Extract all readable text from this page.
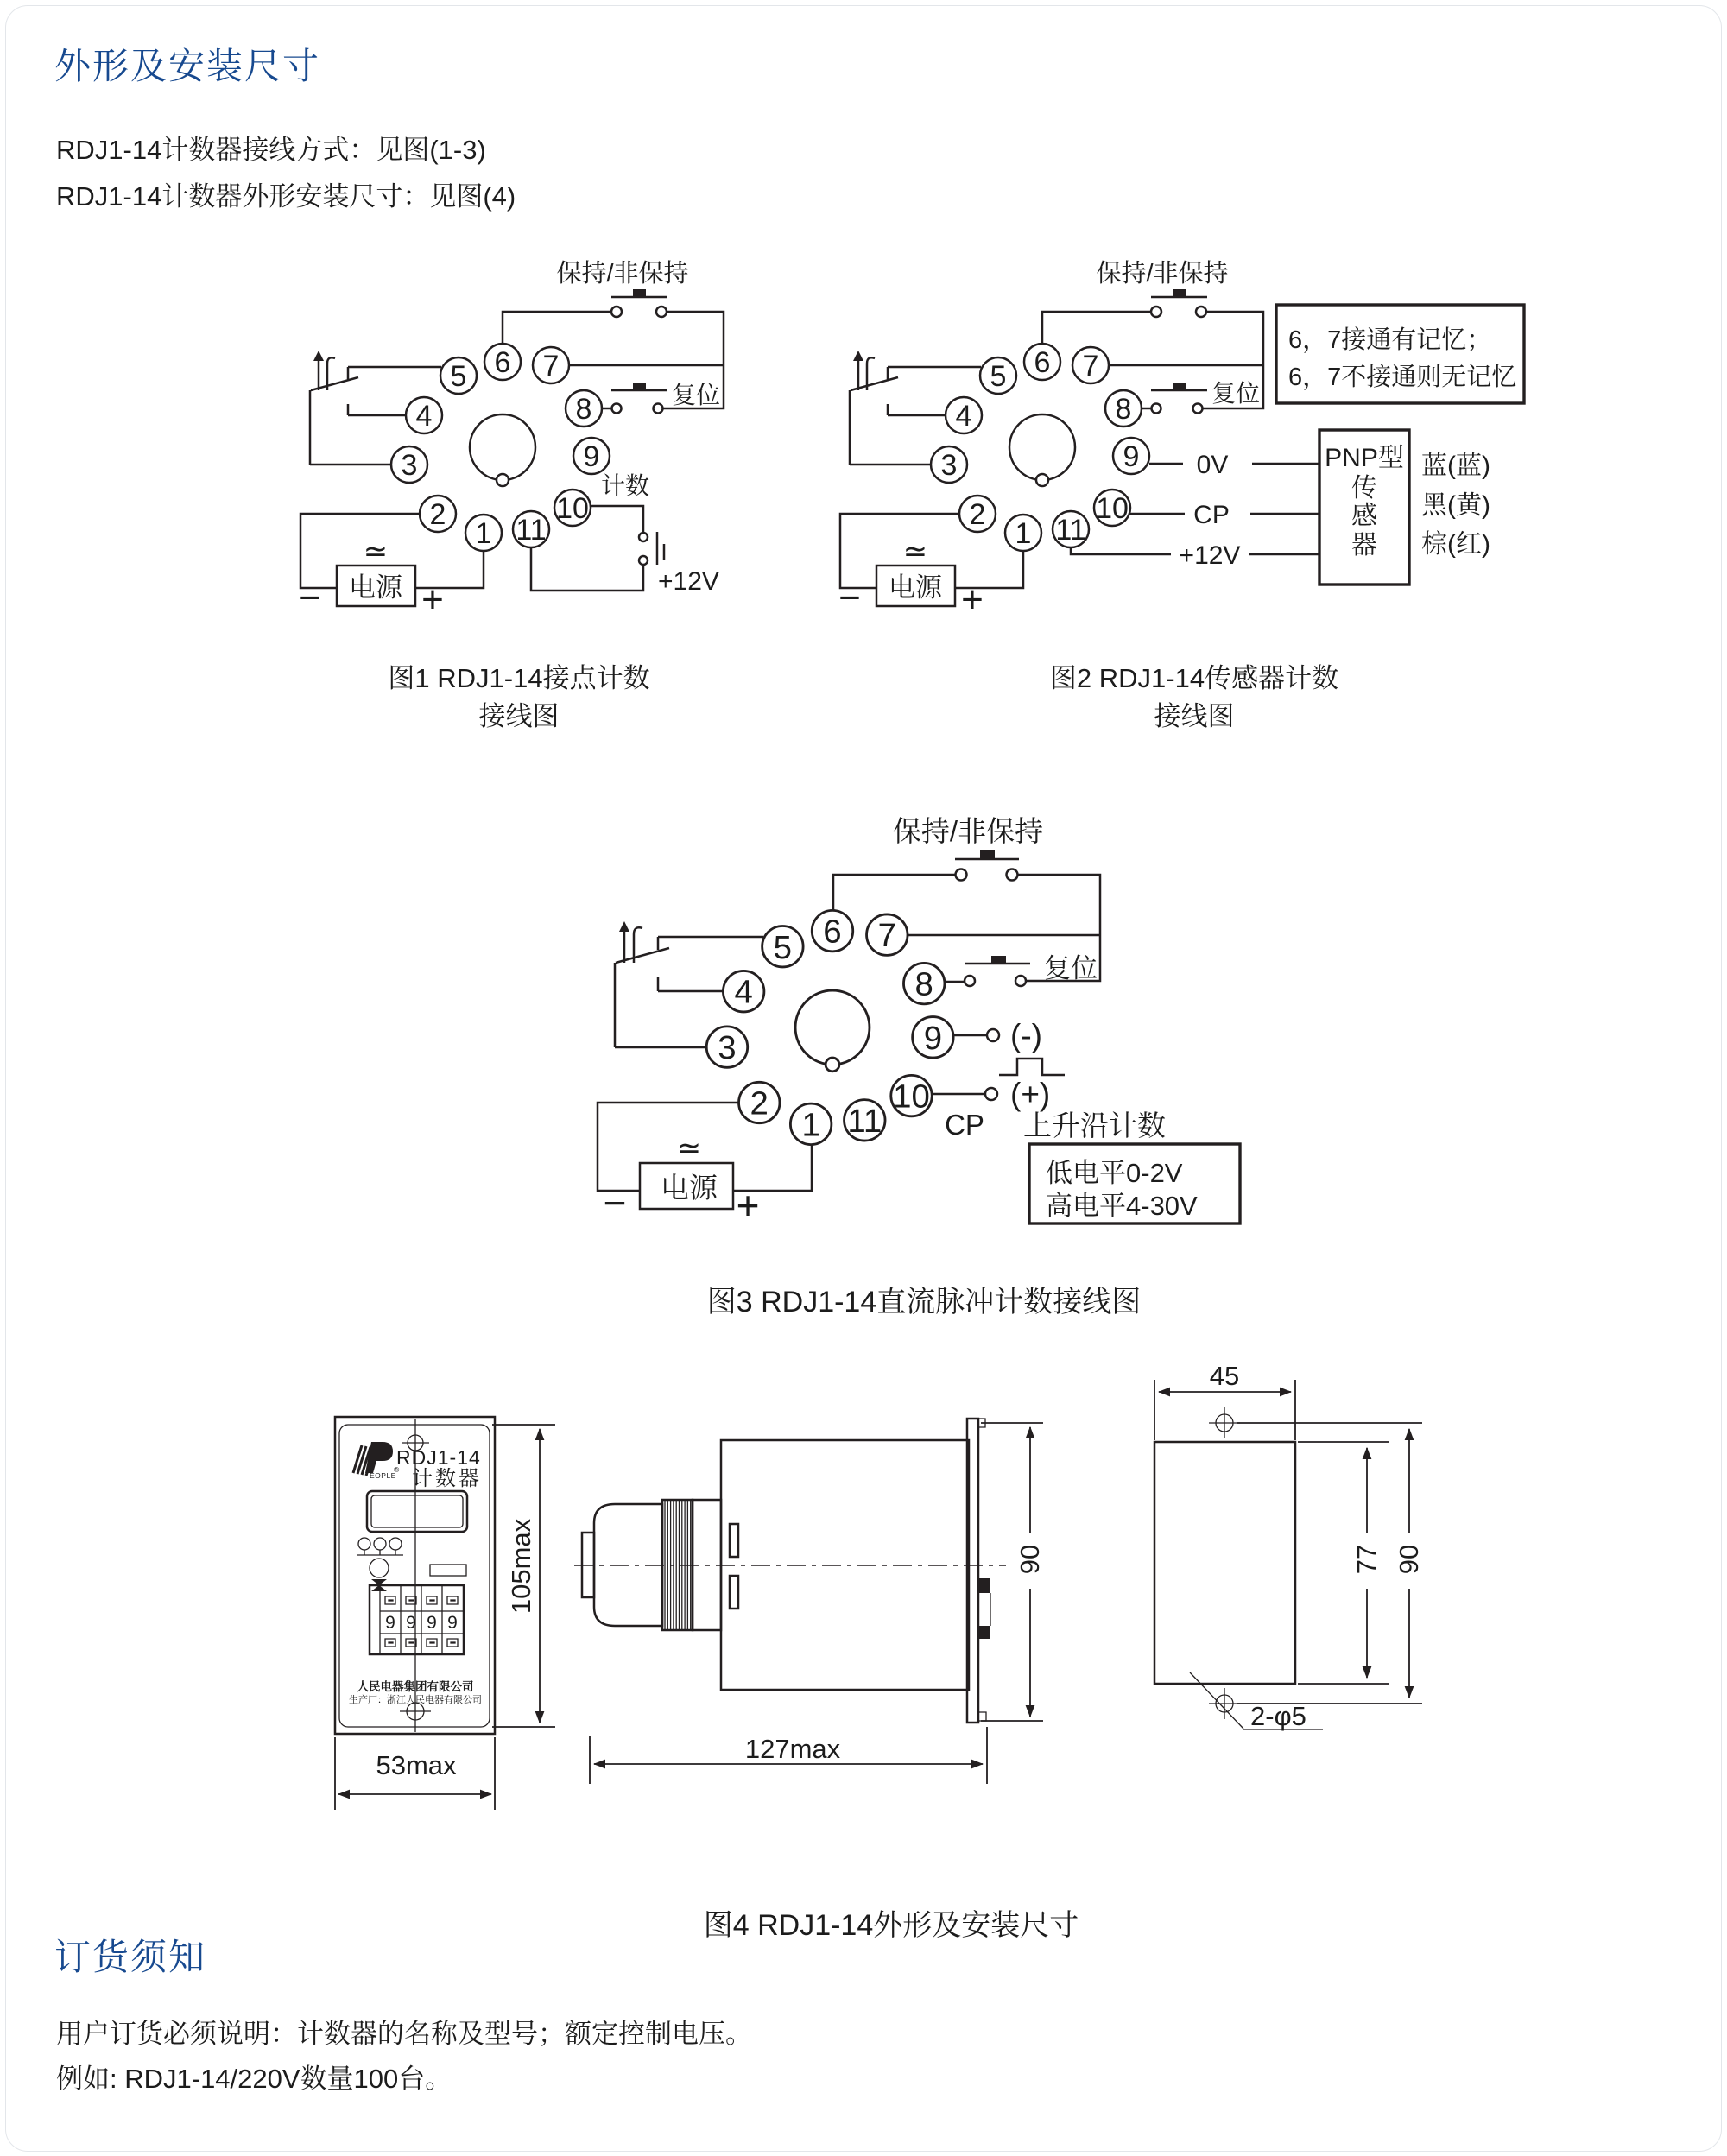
外形及安装尺寸
RDJ1-14计数器接线方式：见图(1-3)
RDJ1-14计数器外形安装尺寸：见图(4)
图1 RDJ1-14接点计数
接线图
图2 RDJ1-14传感器计数
接线图
图3 RDJ1-14直流脉冲计数接线图
图4 RDJ1-14外形及安装尺寸
订货须知
用户订货必须说明：计数器的名称及型号；额定控制电压。
例如: RDJ1-14/220V数量100台。
保持/非保持
复位
计数
+12V
≃
电源
−	+
1
2
3
4
5 6 7
8
9
10
11
保持/非保持
复位
6，7接通有记忆；
6，7不接通则无记忆
0V
CP
+12V
PNP型
传
感
器
蓝(蓝)
黑(黄)
棕(红)
≃
电源
−	+
1
2
3
4
5 6 7
8
9
10
11
保持/非保持
复位
(-)
(+)
CP 上升沿计数
低电平0-2V
高电平4-30V
≃
电源
−	+
1
2
3
4
5 6 7
8
9
10
11
EOPLE
®
RDJ1-14
计数器
9 9 9 9
人民电器集团有限公司
生产厂：浙江人民电器有限公司
105max
53max
90
127max
45
77 90
2-φ5
